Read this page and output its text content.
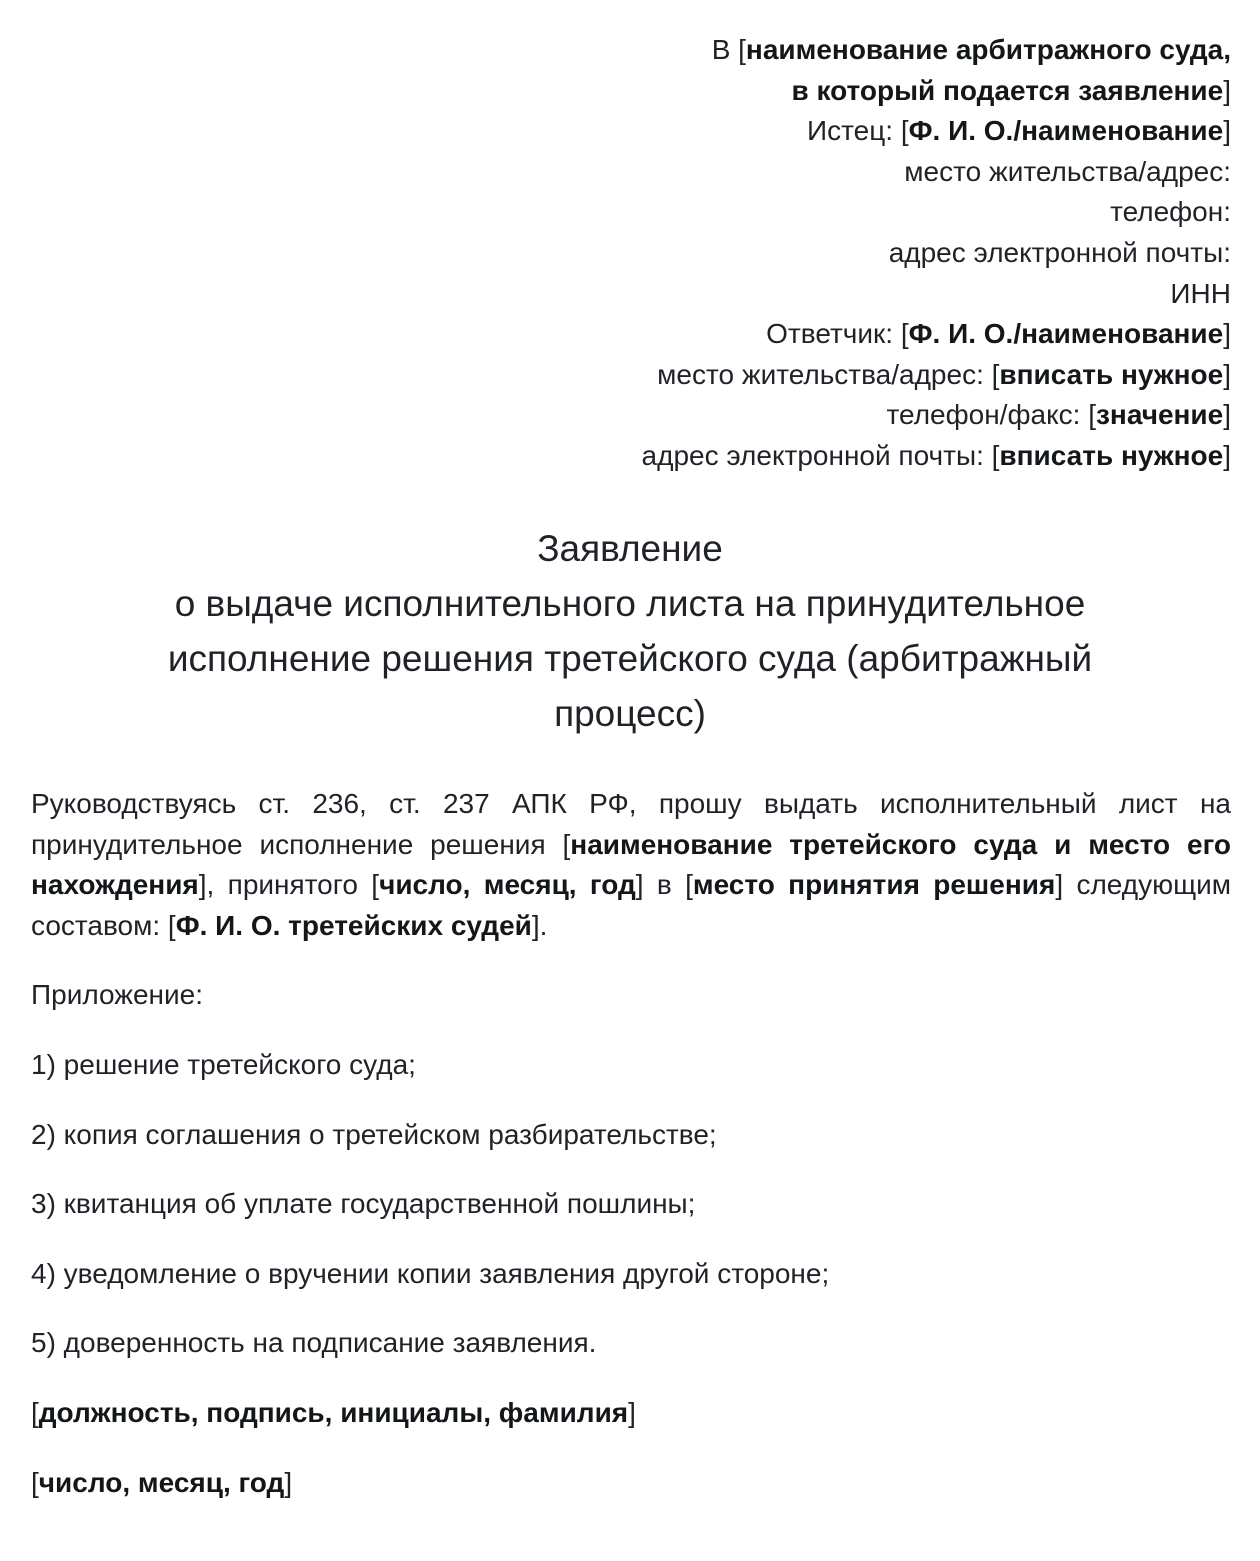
В [наименование арбитражного суда,
в который подается заявление]
Истец: [Ф. И. О./наименование]
место жительства/адрес:
телефон:
адрес электронной почты:
ИНН
Ответчик: [Ф. И. О./наименование]
место жительства/адрес: [вписать нужное]
телефон/факс: [значение]
адрес электронной почты: [вписать нужное]
Заявление
о выдаче исполнительного листа на принудительное
исполнение решения третейского суда (арбитражный
процесс)

Руководствуясь ст. 236, ст. 237 АПК РФ, прошу выдать исполнительный лист на принудительное исполнение решения [наименование третейского суда и место его нахождения], принятого [число, месяц, год] в [место принятия решения] следующим составом: [Ф. И. О. третейских судей].

Приложение:

1) решение третейского суда;

2) копия соглашения о третейском разбирательстве;

3) квитанция об уплате государственной пошлины;

4) уведомление о вручении копии заявления другой стороне;

5) доверенность на подписание заявления.

[должность, подпись, инициалы, фамилия]

[число, месяц, год]
